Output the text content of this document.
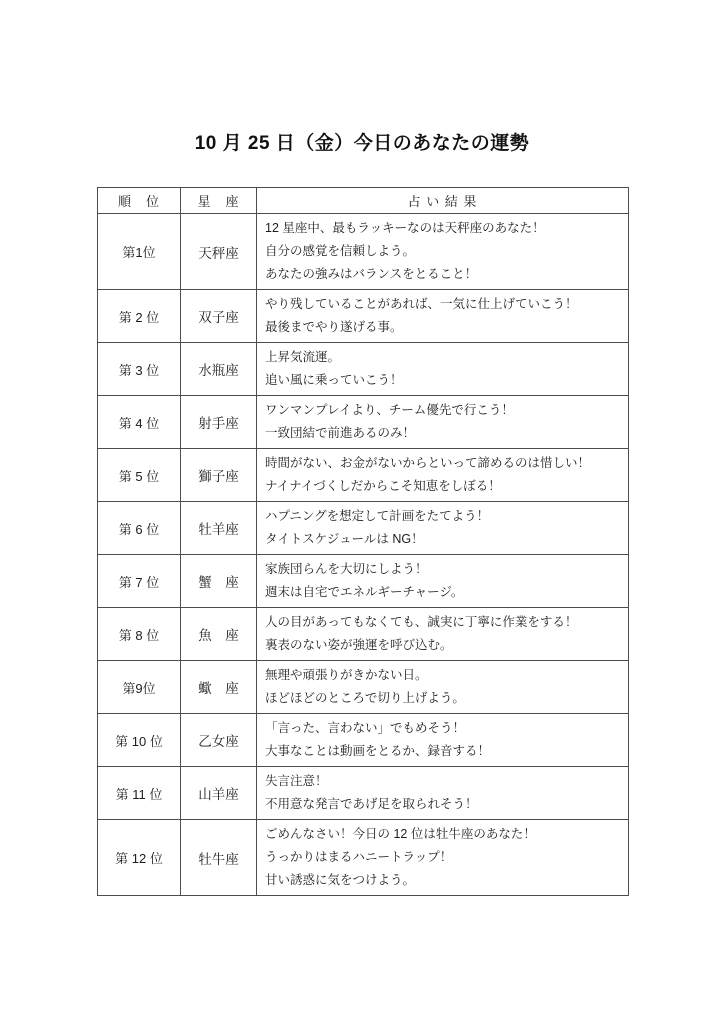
10 月 25 日（金）今日のあなたの運勢
順　位	星　座	占 い 結 果
第1位	天秤座	12 星座中、最もラッキーなのは天秤座のあなた！
自分の感覚を信頼しよう。
あなたの強みはバランスをとること！

第 2 位	双子座	やり残していることがあれば、一気に仕上げていこう！
最後までやり遂げる事。

第 3 位	水瓶座	上昇気流運。
追い風に乗っていこう！

第 4 位	射手座	ワンマンプレイより、チーム優先で行こう！
一致団結で前進あるのみ！

第 5 位	獅子座	時間がない、お金がないからといって諦めるのは惜しい！
ナイナイづくしだからこそ知恵をしぼる！

第 6 位	牡羊座	ハプニングを想定して計画をたてよう！
タイトスケジュールは NG！

第 7 位	蟹　座	家族団らんを大切にしよう！
週末は自宅でエネルギーチャージ。

第 8 位	魚　座	人の目があってもなくても、誠実に丁寧に作業をする！
裏表のない姿が強運を呼び込む。

第9位	蠍　座	無理や頑張りがきかない日。
ほどほどのところで切り上げよう。

第 10 位	乙女座	「言った、言わない」でもめそう！
大事なことは動画をとるか、録音する！

第 11 位	山羊座	失言注意！
不用意な発言であげ足を取られそう！

第 12 位	牡牛座	ごめんなさい！今日の 12 位は牡牛座のあなた！
うっかりはまるハニートラップ！
甘い誘惑に気をつけよう。
